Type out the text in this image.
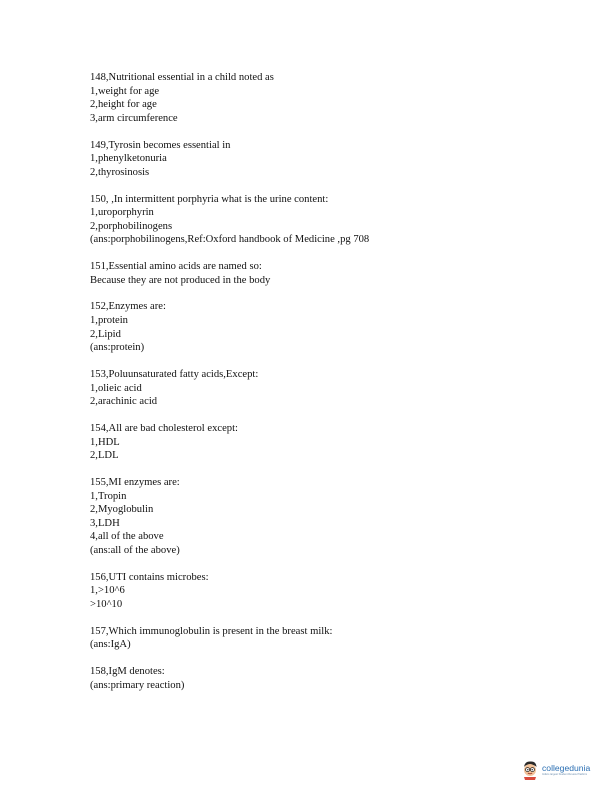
148,Nutritional essential in a child noted as
1,weight for age
2,height for age
3,arm circumference
149,Tyrosin becomes essential in
1,phenylketonuria
2,thyrosinosis
150, ,In intermittent porphyria what is the urine content:
1,uroporphyrin
2,porphobilinogens
(ans:porphobilinogens,Ref:Oxford handbook of Medicine ,pg 708
151,Essential amino acids are named so:
Because they are not produced in the body
152,Enzymes are:
1,protein
2,Lipid
(ans:protein)
153,Poluunsaturated fatty acids,Except:
1,olieic acid
2,arachinic acid
154,All are bad cholesterol except:
1,HDL
2,LDL
155,MI enzymes are:
1,Tropin
2,Myoglobulin
3,LDH
4,all of the above
(ans:all of the above)
156,UTI contains microbes:
1,>10^6
>10^10
157,Which immunoglobulin is present in the breast milk:
(ans:IgA)
158,IgM denotes:
(ans:primary reaction)
collegedunia
India's largest Student Review Platform
